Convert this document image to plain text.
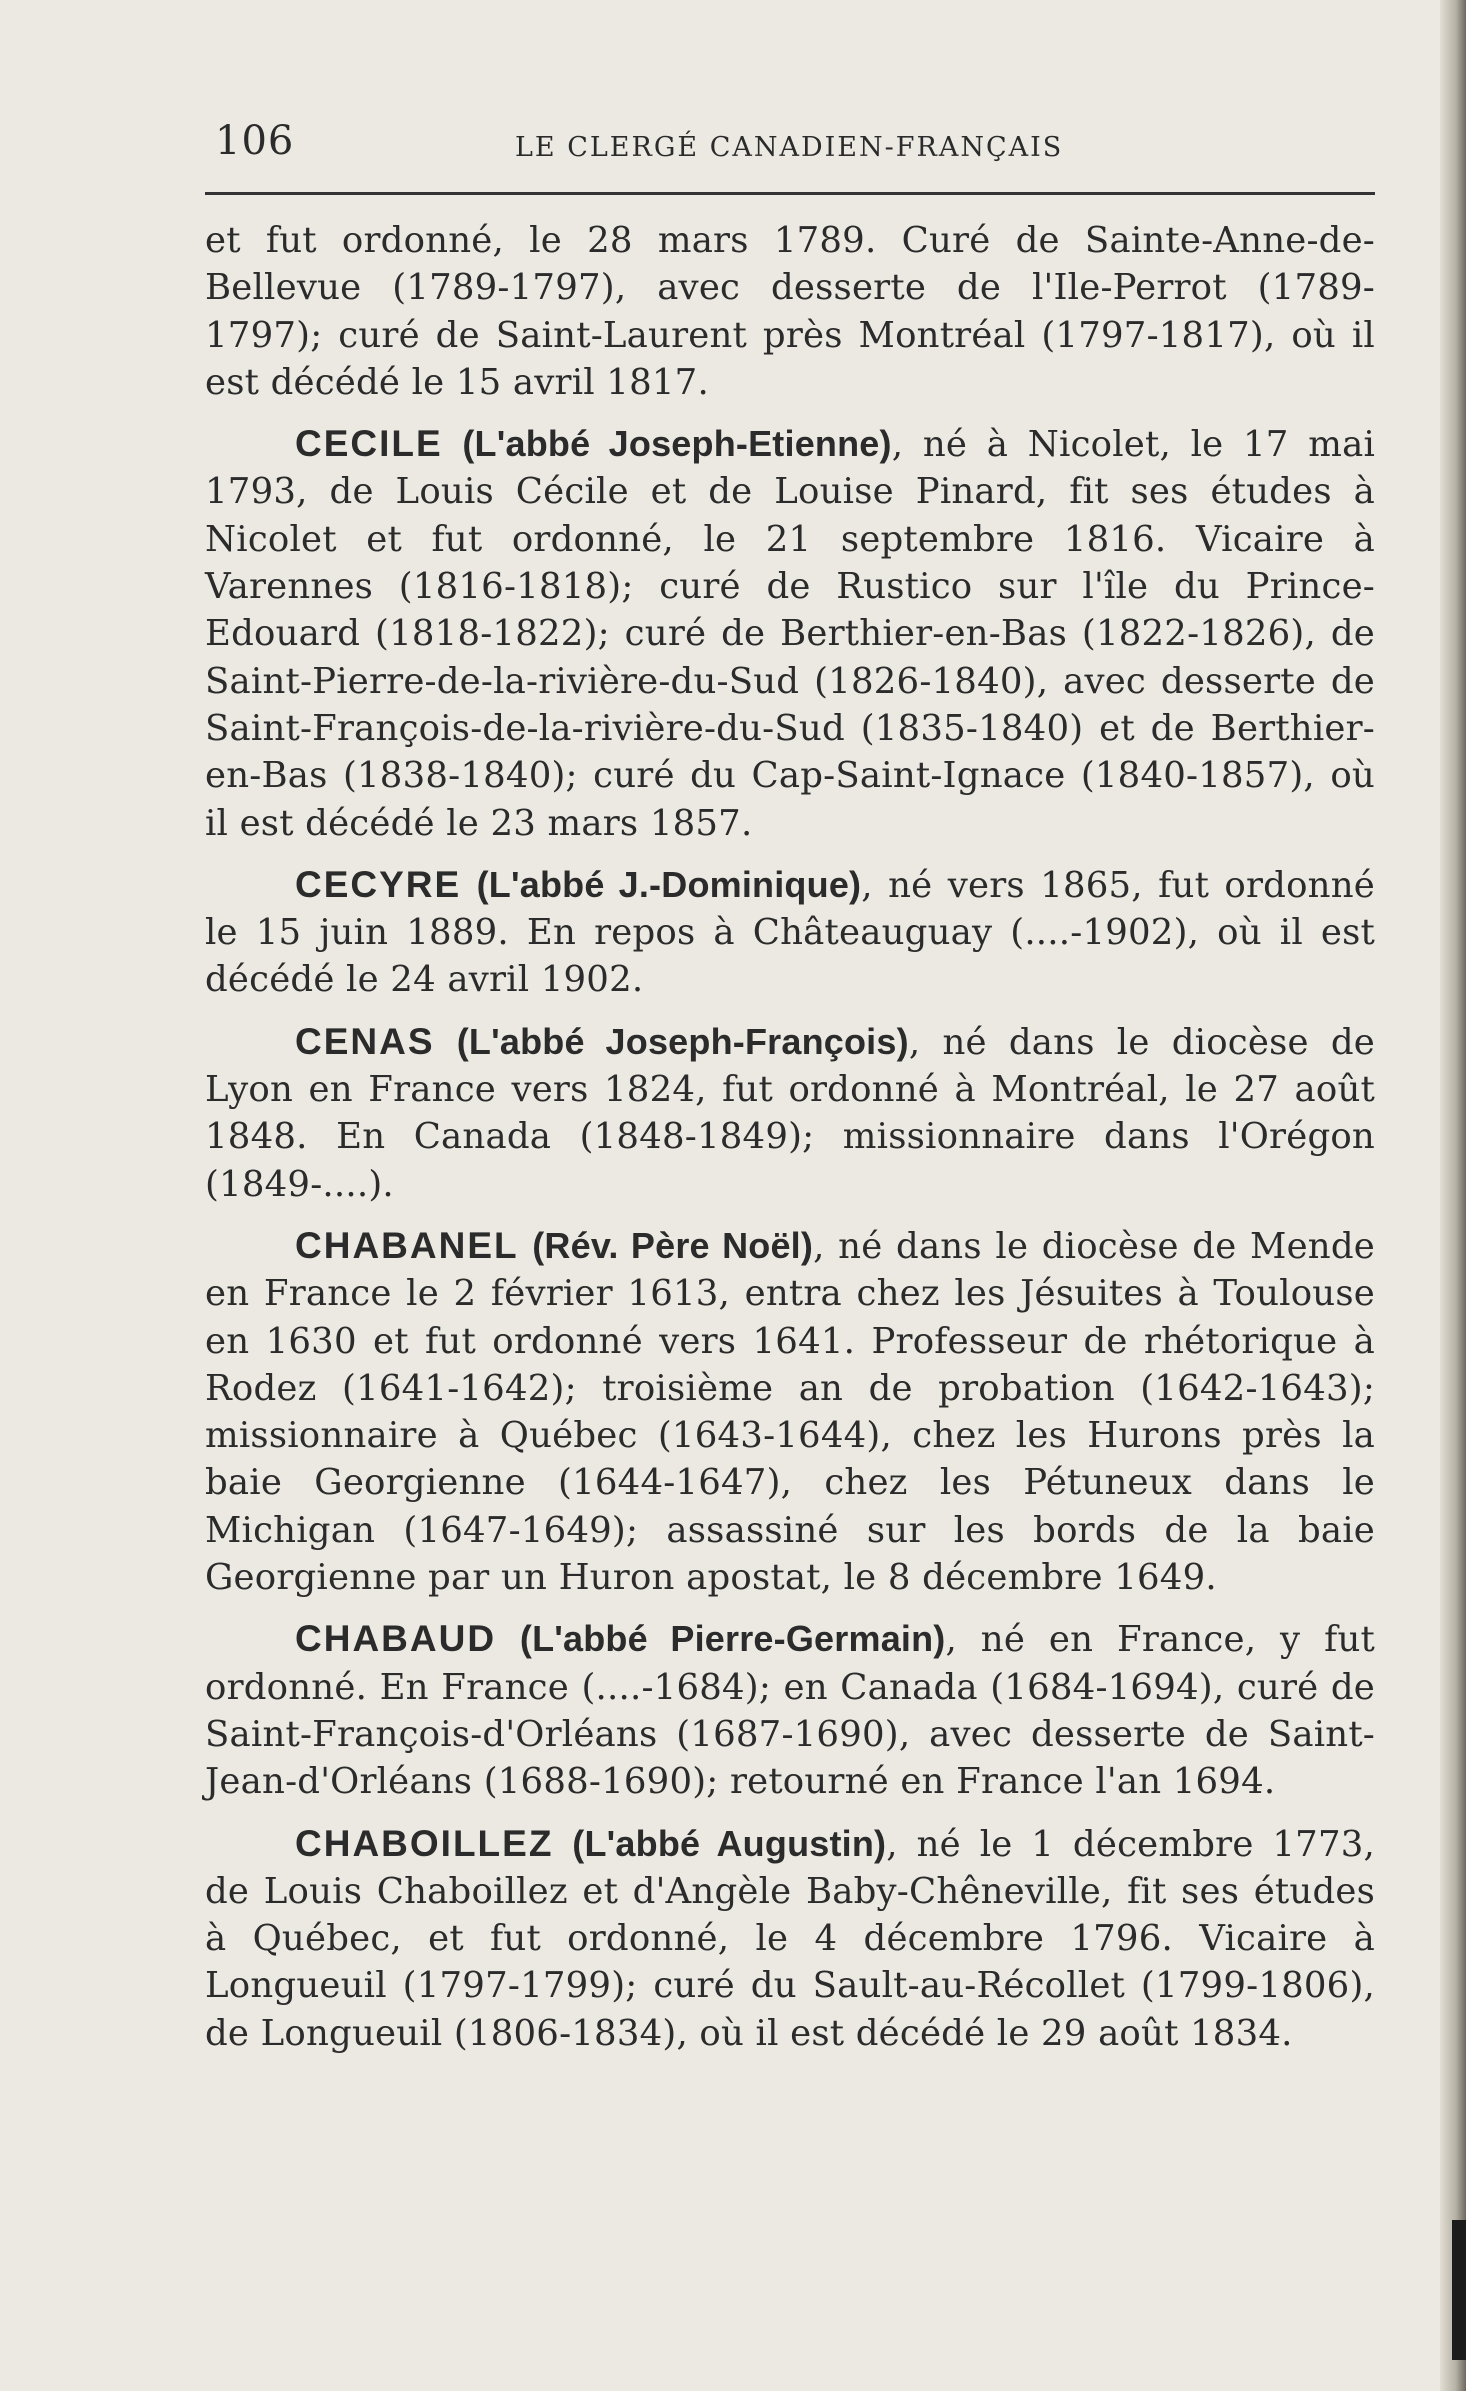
106	LE CLERGÉ CANADIEN-FRANÇAIS

et fut ordonné, le 28 mars 1789. Curé de Sainte-Anne-de-Bellevue (1789-1797), avec desserte de l'Ile-Perrot (1789-1797); curé de Saint-Laurent près Montréal (1797-1817), où il est décédé le 15 avril 1817.

CECILE (L'abbé Joseph-Etienne), né à Nicolet, le 17 mai 1793, de Louis Cécile et de Louise Pinard, fit ses études à Nicolet et fut ordonné, le 21 septembre 1816. Vicaire à Varennes (1816-1818); curé de Rustico sur l'île du Prince-Edouard (1818-1822); curé de Berthier-en-Bas (1822-1826), de Saint-Pierre-de-la-rivière-du-Sud (1826-1840), avec desserte de Saint-François-de-la-rivière-du-Sud (1835-1840) et de Berthier-en-Bas (1838-1840); curé du Cap-Saint-Ignace (1840-1857), où il est décédé le 23 mars 1857.

CECYRE (L'abbé J.-Dominique), né vers 1865, fut ordonné le 15 juin 1889. En repos à Châteauguay (....-1902), où il est décédé le 24 avril 1902.

CENAS (L'abbé Joseph-François), né dans le diocèse de Lyon en France vers 1824, fut ordonné à Montréal, le 27 août 1848. En Canada (1848-1849); missionnaire dans l'Orégon (1849-....).

CHABANEL (Rév. Père Noël), né dans le diocèse de Mende en France le 2 février 1613, entra chez les Jésuites à Toulouse en 1630 et fut ordonné vers 1641. Professeur de rhétorique à Rodez (1641-1642); troisième an de probation (1642-1643); missionnaire à Québec (1643-1644), chez les Hurons près la baie Georgienne (1644-1647), chez les Pétuneux dans le Michigan (1647-1649); assassiné sur les bords de la baie Georgienne par un Huron apostat, le 8 décembre 1649.

CHABAUD (L'abbé Pierre-Germain), né en France, y fut ordonné. En France (....-1684); en Canada (1684-1694), curé de Saint-François-d'Orléans (1687-1690), avec desserte de Saint-Jean-d'Orléans (1688-1690); retourné en France l'an 1694.

CHABOILLEZ (L'abbé Augustin), né le 1 décembre 1773, de Louis Chaboillez et d'Angèle Baby-Chêneville, fit ses études à Québec, et fut ordonné, le 4 décembre 1796. Vicaire à Longueuil (1797-1799); curé du Sault-au-Récollet (1799-1806), de Longueuil (1806-1834), où il est décédé le 29 août 1834.
